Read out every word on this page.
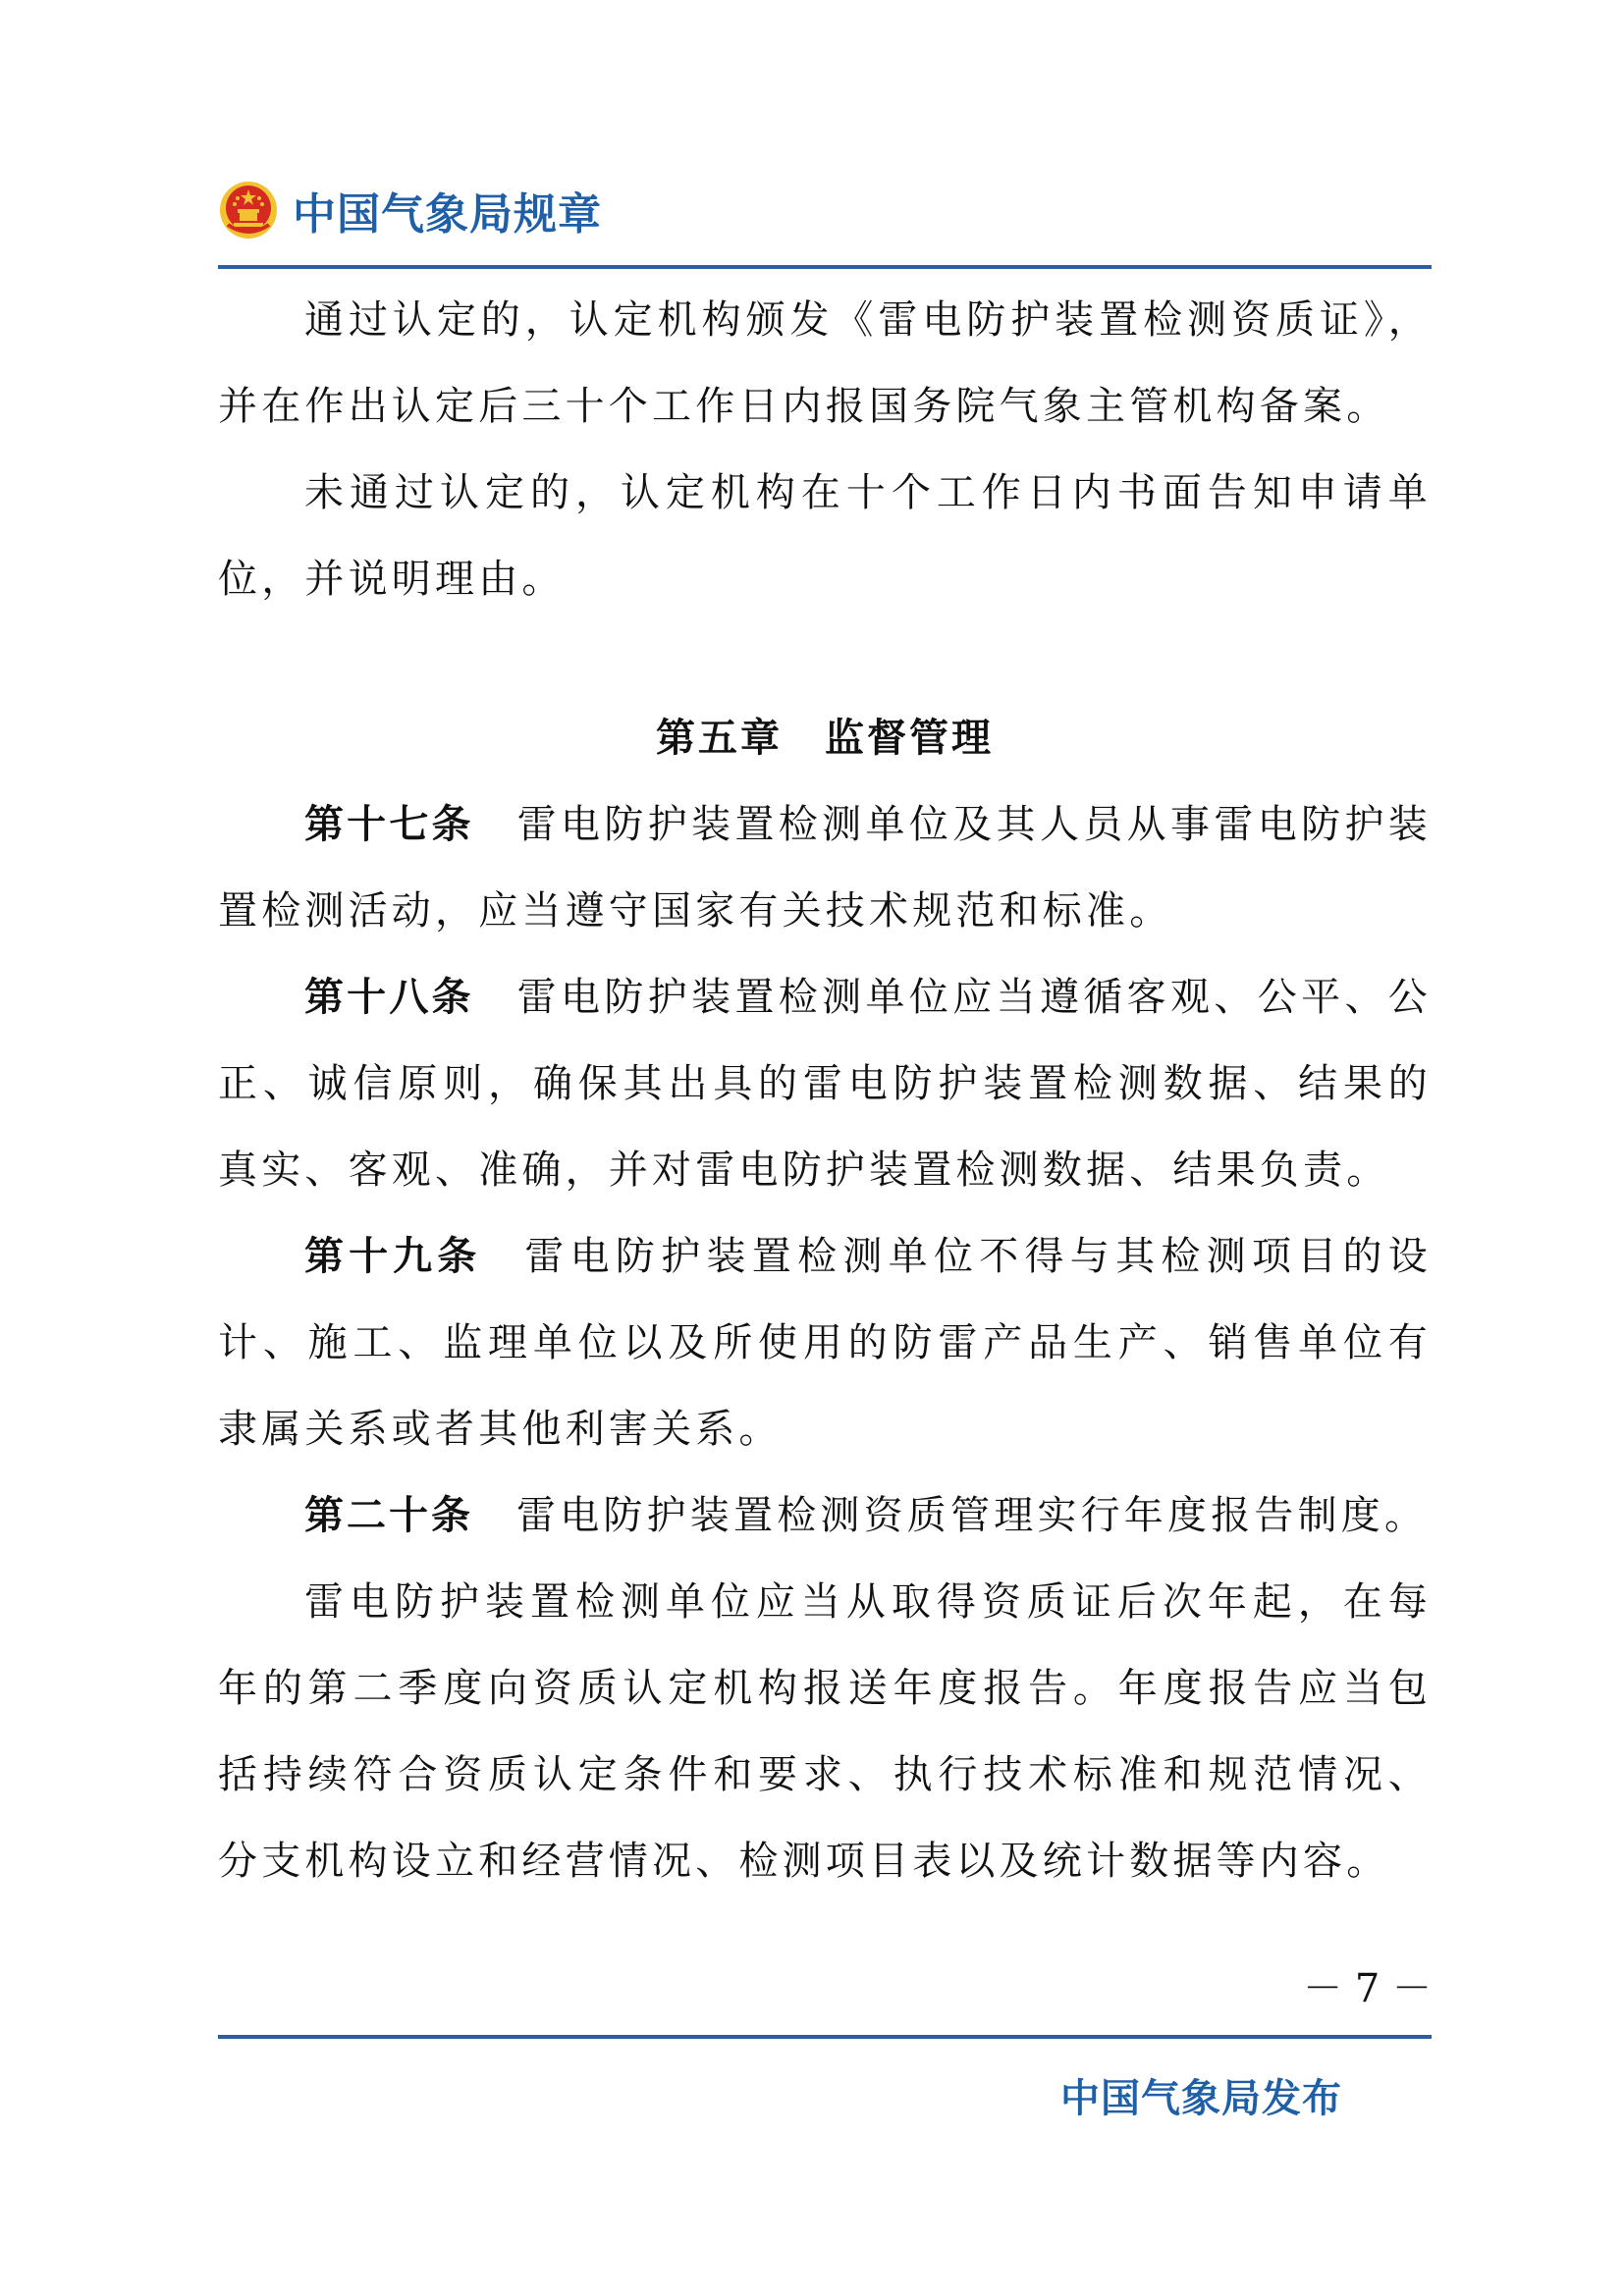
中国气象局规章

通过认定的，认定机构颁发《雷电防护装置检测资质证》，并在作出认定后三十个工作日内报国务院气象主管机构备案。

未通过认定的，认定机构在十个工作日内书面告知申请单位，并说明理由。

第五章　监督管理

第十七条 雷电防护装置检测单位及其人员从事雷电防护装置检测活动，应当遵守国家有关技术规范和标准。

第十八条 雷电防护装置检测单位应当遵循客观、公平、公正、诚信原则，确保其出具的雷电防护装置检测数据、结果的真实、客观、准确，并对雷电防护装置检测数据、结果负责。

第十九条 雷电防护装置检测单位不得与其检测项目的设计、施工、监理单位以及所使用的防雷产品生产、销售单位有隶属关系或者其他利害关系。

第二十条 雷电防护装置检测资质管理实行年度报告制度。

雷电防护装置检测单位应当从取得资质证后次年起，在每年的第二季度向资质认定机构报送年度报告。年度报告应当包括持续符合资质认定条件和要求、执行技术标准和规范情况、分支机构设立和经营情况、检测项目表以及统计数据等内容。

－ 7 －
中国气象局发布
